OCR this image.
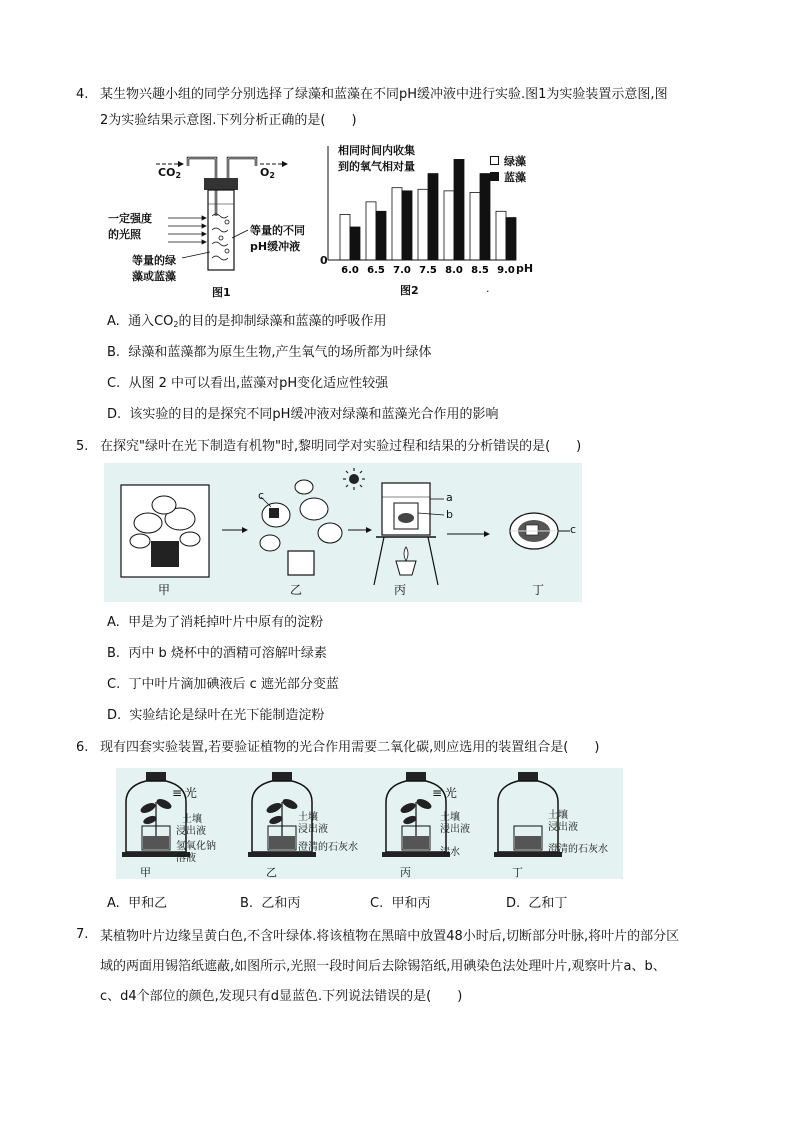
4. 某生物兴趣小组的同学分别选择了绿藻和蓝藻在不同pH缓冲液中进行实验.图1为实验装置示意图,图
2为实验结果示意图.下列分析正确的是(　　)
$CO_2$	$O_2$
一定强度
的光照
等量的绿
藻或蓝藻
等量的不同
pH缓冲液
图1
6.0 6.5 7.0 7.5 8.0 8.5 9.0
相同时间内收集
到的氧气相对量
0
pH
图2	.
绿藻
蓝藻
A. 通入$CO_2$的目的是抑制绿藻和蓝藻的呼吸作用
B. 绿藻和蓝藻都为原生生物,产生氧气的场所都为叶绿体
C. 从图 2 中可以看出,蓝藻对pH变化适应性较强
D. 该实验的目的是探究不同pH缓冲液对绿藻和蓝藻光合作用的影响
5. 在探究"绿叶在光下制造有机物"时,黎明同学对实验过程和结果的分析错误的是(　　)
c	a
b
c
甲	乙	丙	丁
A. 甲是为了消耗掉叶片中原有的淀粉
B. 丙中 b 烧杯中的酒精可溶解叶绿素
C. 丁中叶片滴加碘液后 c 遮光部分变蓝
D. 实验结论是绿叶在光下能制造淀粉
6. 现有四套实验装置,若要验证植物的光合作用需要二氧化碳,则应选用的装置组合是(　　)
≡ 光
土壤
浸出液
氢氧化钠
溶液
土壤
浸出液
澄清的石灰水
≡ 光
土壤
浸出液
清水
土壤
浸出液
澄清的石灰水
甲	乙	丙	丁
A. 甲和乙	B. 乙和丙	C. 甲和丙	D. 乙和丁
7. 某植物叶片边缘呈黄白色,不含叶绿体.将该植物在黑暗中放置48小时后,切断部分叶脉,将叶片的部分区
域的两面用锡箔纸遮蔽,如图所示,光照一段时间后去除锡箔纸,用碘染色法处理叶片,观察叶片a、b、
c、d4个部位的颜色,发现只有d显蓝色.下列说法错误的是(　　)
